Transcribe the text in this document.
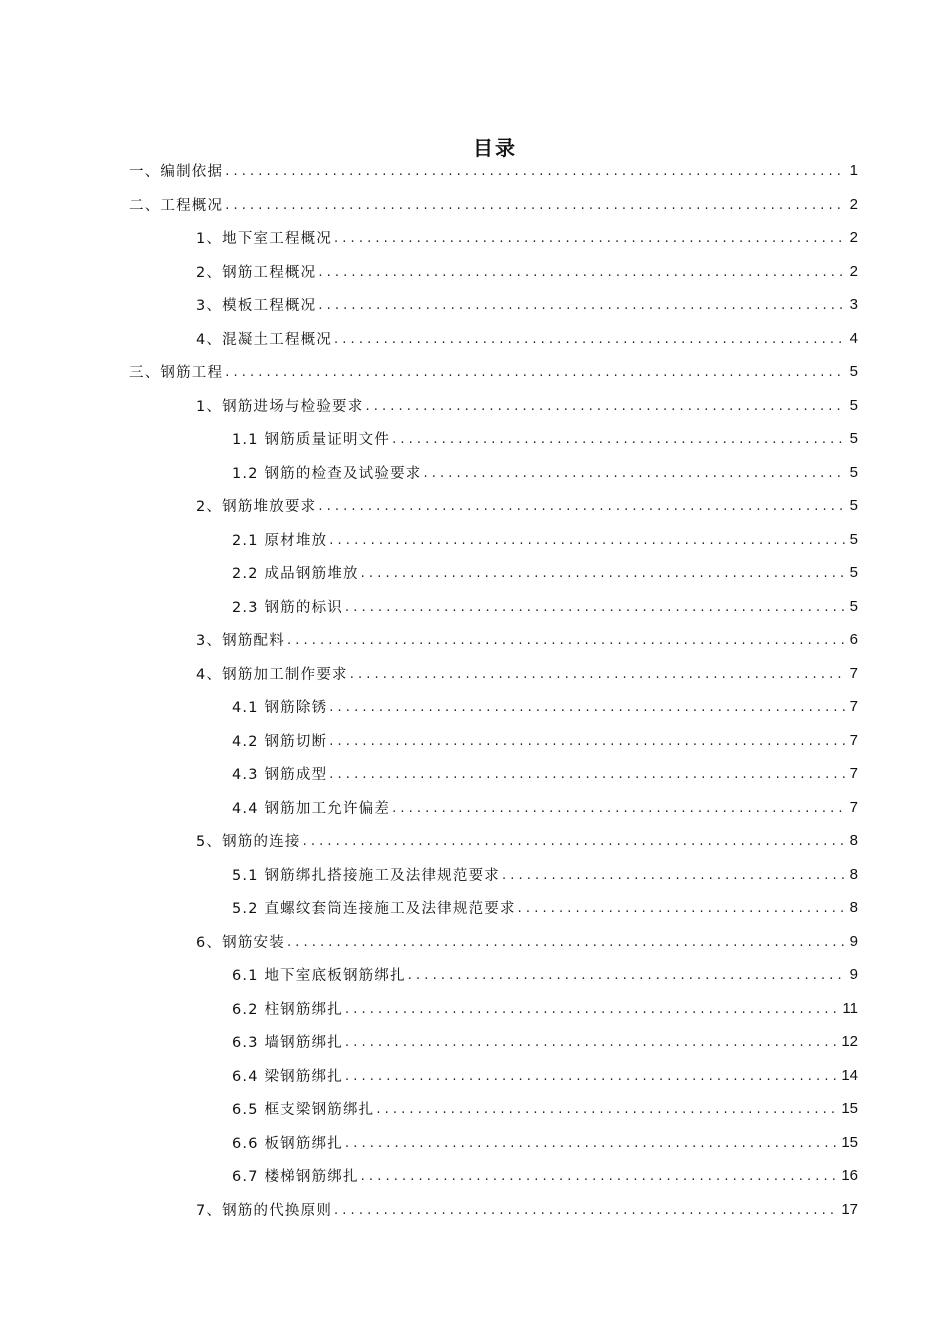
目录
一、编制依据 . . .	1
二、工程概况 . . .	2
1、地下室工程概况 . . .	2
2、钢筋工程概况 . . .	2
3、模板工程概况 . . .	3
4、混凝土工程概况 . . .	4
三、钢筋工程 . . .	5
1、钢筋进场与检验要求 . . .	5
1.1 钢筋质量证明文件 . . .	5
1.2 钢筋的检查及试验要求 . . .	5
2、钢筋堆放要求 . . .	5
2.1 原材堆放 . . .	5
2.2 成品钢筋堆放 . . .	5
2.3 钢筋的标识 . . .	5
3、钢筋配料 . . .	6
4、钢筋加工制作要求 . . .	7
4.1 钢筋除锈 . . .	7
4.2 钢筋切断 . . .	7
4.3 钢筋成型 . . .	7
4.4 钢筋加工允许偏差 . . .	7
5、钢筋的连接 . . .	8
5.1 钢筋绑扎搭接施工及法律规范要求 . . .	8
5.2 直螺纹套筒连接施工及法律规范要求 . . .	8
6、钢筋安装 . . .	9
6.1 地下室底板钢筋绑扎 . . .	9
6.2 柱钢筋绑扎 . . .	11
6.3 墙钢筋绑扎 . . .	12
6.4 梁钢筋绑扎 . . .	14
6.5 框支梁钢筋绑扎 . . .	15
6.6 板钢筋绑扎 . . .	15
6.7 楼梯钢筋绑扎 . . .	16
7、钢筋的代换原则 . . .	17
